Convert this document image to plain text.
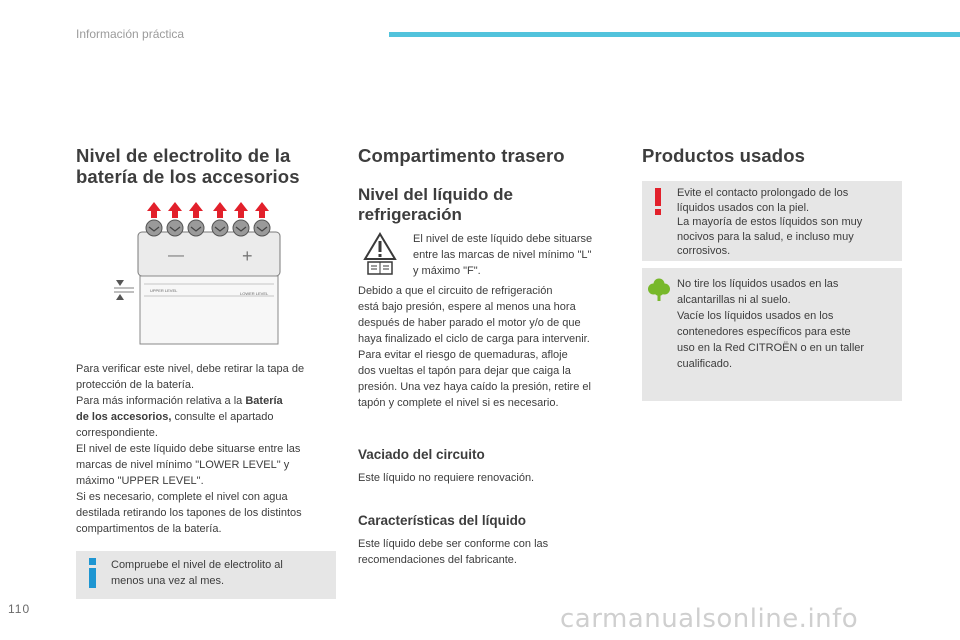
Información práctica
Nivel de electrolito de la
batería de los accesorios
—	+
UPPER LEVEL
LOWER LEVEL

Para verificar este nivel, debe retirar la tapa de

protección de la batería.

Para más información relativa a la Batería

de los accesorios, consulte el apartado

correspondiente.

El nivel de este líquido debe situarse entre las

marcas de nivel mínimo "LOWER LEVEL" y

máximo "UPPER LEVEL".

Si es necesario, complete el nivel con agua

destilada retirando los tapones de los distintos

compartimentos de la batería.

Compruebe el nivel de electrolito al

menos una vez al mes.

Compartimento trasero
Nivel del líquido de
refrigeración

El nivel de este líquido debe situarse

entre las marcas de nivel mínimo "L"

y máximo "F".

Debido a que el circuito de refrigeración

está bajo presión, espere al menos una hora

después de haber parado el motor y/o de que

haya finalizado el ciclo de carga para intervenir.

Para evitar el riesgo de quemaduras, afloje

dos vueltas el tapón para dejar que caiga la

presión. Una vez haya caído la presión, retire el

tapón y complete el nivel si es necesario.

Vaciado del circuito
Este líquido no requiere renovación.
Características del líquido

Este líquido debe ser conforme con las

recomendaciones del fabricante.

Productos usados

Evite el contacto prolongado de los

líquidos usados con la piel.

La mayoría de estos líquidos son muy

nocivos para la salud, e incluso muy

corrosivos.

No tire los líquidos usados en las

alcantarillas ni al suelo.

Vacíe los líquidos usados en los

contenedores específicos para este

uso en la Red CITROËN o en un taller

cualificado.

110	carmanualsonline.info
